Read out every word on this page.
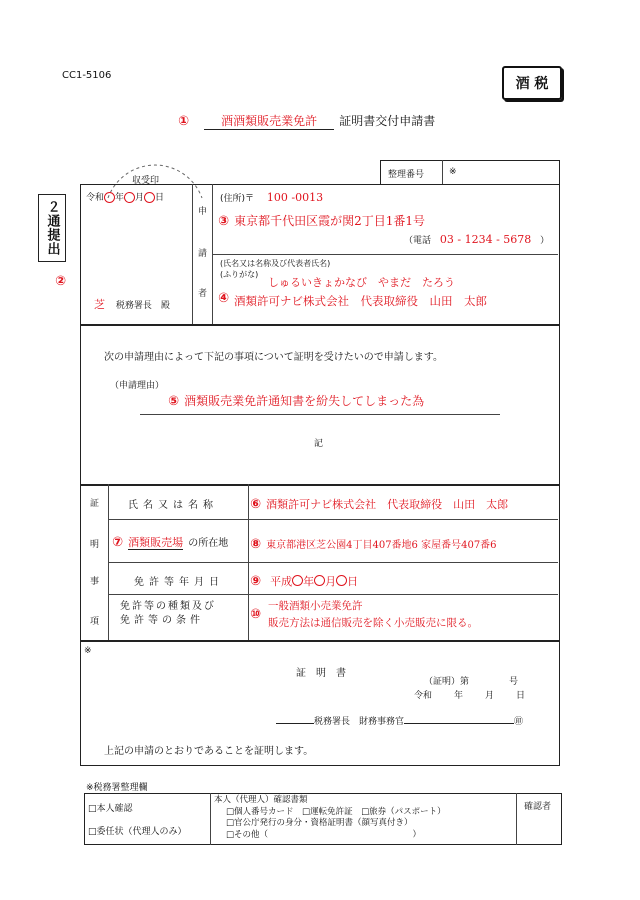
CC1-5106
酒 税
①	酒酒類販売業免許 証明書交付申請書
収受印
整理番号	※
２通提出
②
令和 年 月 日
芝 税務署長　殿
申
請
者
(住所)〒 100 -0013
③ 東京都千代田区霞が関2丁目1番1号
（電話 03 - 1234 - 5678 ）
(氏名又は名称及び代表者氏名)
(ふりがな)
しゅるいきょかなび　やまだ　たろう
④ 酒類許可ナビ株式会社　代表取締役　山田　太郎
次の申請理由によって下記の事項について証明を受けたいので申請します。
（申請理由）
⑤ 酒類販売業免許通知書を紛失してしまった為
記
証
明
事
項
氏名又は名称 ⑥ 酒類許可ナビ株式会社　代表取締役　山田　太郎
⑦ 酒類販売場 の所在地 ⑧ 東京都港区芝公園4丁目407番地6 家屋番号407番6
免許等年月日 ⑨ 平成 年 月 日
免許等の種類及び
免許等の条件	⑩
一般酒類小売業免許
販売方法は通信販売を除く小売販売に限る。
※
証　明　書
（証明）第	号
令和 年 月 日
税務署長　財務事務官	㊞
上記の申請のとおりであることを証明します。
※税務署整理欄
□本人確認
□委任状（代理人のみ）
本人（代理人）確認書類
□個人番号カード　□運転免許証　□旅券（パスポート）
□官公庁発行の身分・資格証明書（顔写真付き）
□その他（　　　　　　　　　　　　　　　　　）
確認者
